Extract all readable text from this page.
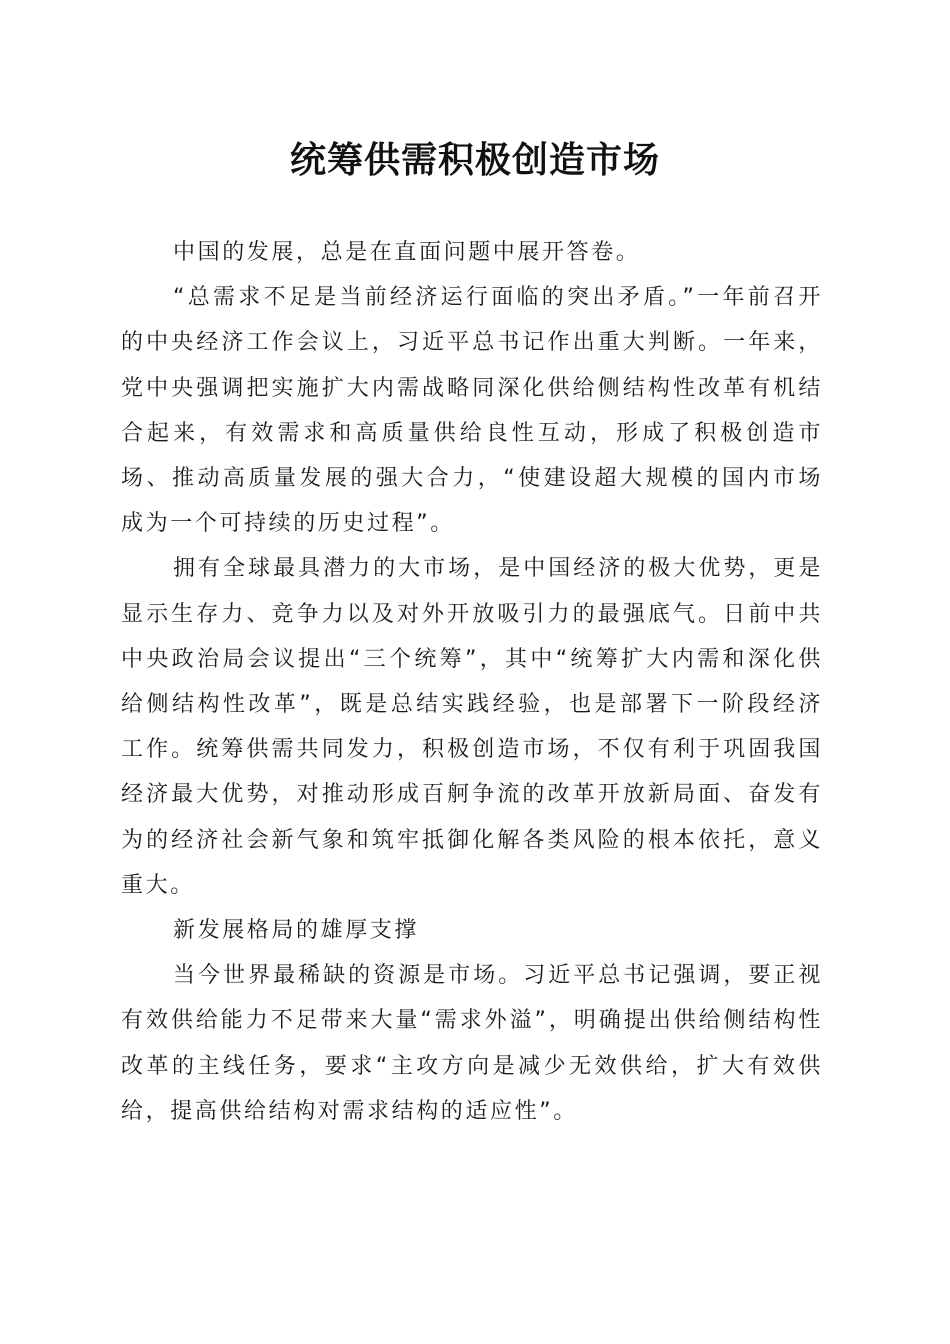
统筹供需积极创造市场

中国的发展，总是在直面问题中展开答卷。

“总需求不足是当前经济运行面临的突出矛盾。”一年前召开的中央经济工作会议上，习近平总书记作出重大判断。一年来，党中央强调把实施扩大内需战略同深化供给侧结构性改革有机结合起来，有效需求和高质量供给良性互动，形成了积极创造市场、推动高质量发展的强大合力，“使建设超大规模的国内市场成为一个可持续的历史过程”。

拥有全球最具潜力的大市场，是中国经济的极大优势，更是显示生存力、竞争力以及对外开放吸引力的最强底气。日前中共中央政治局会议提出“三个统筹”，其中“统筹扩大内需和深化供给侧结构性改革”，既是总结实践经验，也是部署下一阶段经济工作。统筹供需共同发力，积极创造市场，不仅有利于巩固我国经济最大优势，对推动形成百舸争流的改革开放新局面、奋发有为的经济社会新气象和筑牢抵御化解各类风险的根本依托，意义重大。

新发展格局的雄厚支撑

当今世界最稀缺的资源是市场。习近平总书记强调，要正视有效供给能力不足带来大量“需求外溢”，明确提出供给侧结构性改革的主线任务，要求“主攻方向是减少无效供给，扩大有效供给，提高供给结构对需求结构的适应性”。
